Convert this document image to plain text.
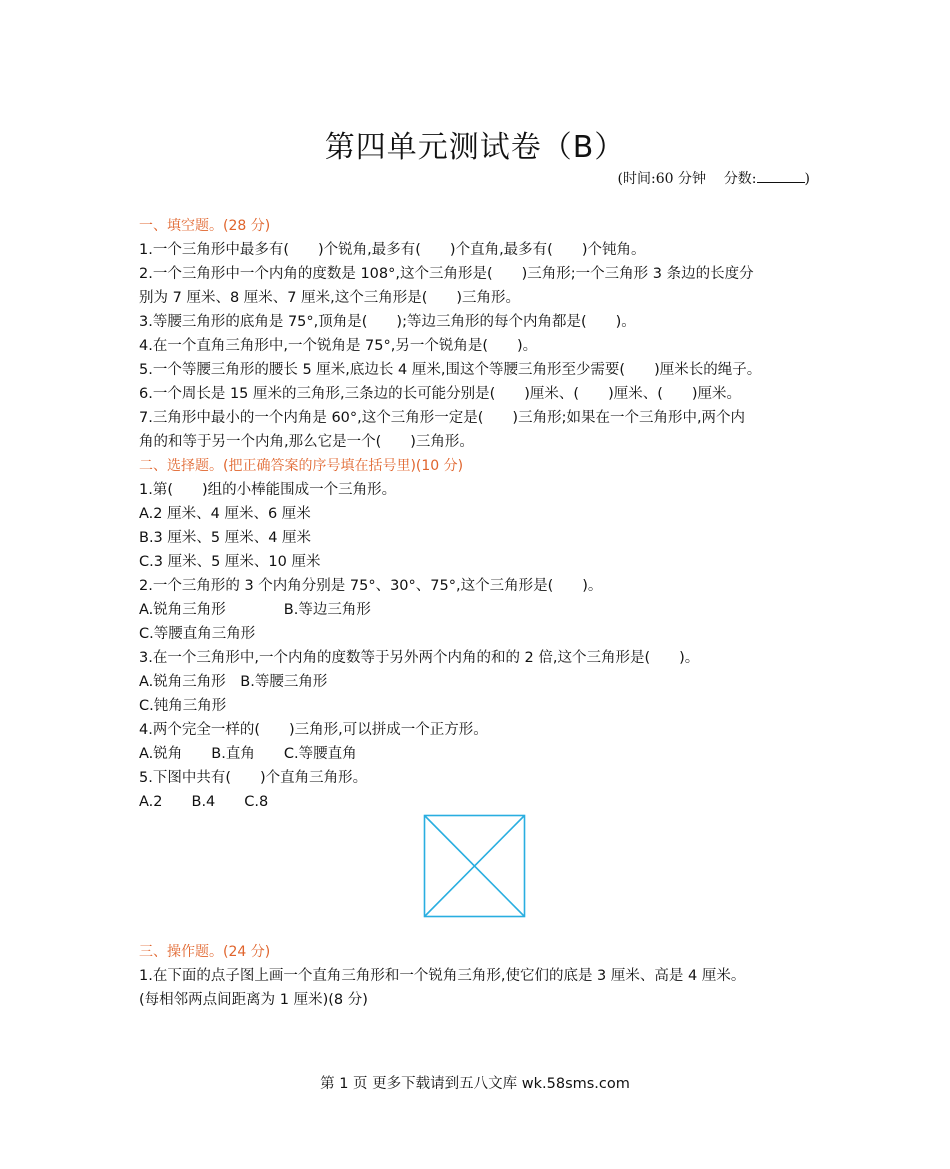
第四单元测试卷（B）
(时间:60 分钟 分数:	)

一、填空题。(28 分)

1.一个三角形中最多有(　　)个锐角,最多有(　　)个直角,最多有(　　)个钝角。

2.一个三角形中一个内角的度数是 108°,这个三角形是(　　)三角形;一个三角形 3 条边的长度分

别为 7 厘米、8 厘米、7 厘米,这个三角形是(　　)三角形。

3.等腰三角形的底角是 75°,顶角是(　　);等边三角形的每个内角都是(　　)。

4.在一个直角三角形中,一个锐角是 75°,另一个锐角是(　　)。

5.一个等腰三角形的腰长 5 厘米,底边长 4 厘米,围这个等腰三角形至少需要(　　)厘米长的绳子。

6.一个周长是 15 厘米的三角形,三条边的长可能分别是(　　)厘米、(　　)厘米、(　　)厘米。

7.三角形中最小的一个内角是 60°,这个三角形一定是(　　)三角形;如果在一个三角形中,两个内

角的和等于另一个内角,那么它是一个(　　)三角形。

二、选择题。(把正确答案的序号填在括号里)(10 分)

1.第(　　)组的小棒能围成一个三角形。

A.2 厘米、4 厘米、6 厘米

B.3 厘米、5 厘米、4 厘米

C.3 厘米、5 厘米、10 厘米

2.一个三角形的 3 个内角分别是 75°、30°、75°,这个三角形是(　　)。

A.锐角三角形　　　　B.等边三角形

C.等腰直角三角形

3.在一个三角形中,一个内角的度数等于另外两个内角的和的 2 倍,这个三角形是(　　)。

A.锐角三角形　B.等腰三角形

C.钝角三角形

4.两个完全一样的(　　)三角形,可以拼成一个正方形。

A.锐角　　B.直角　　C.等腰直角

5.下图中共有(　　)个直角三角形。

A.2　　B.4　　C.8

三、操作题。(24 分)

1.在下面的点子图上画一个直角三角形和一个锐角三角形,使它们的底是 3 厘米、高是 4 厘米。

(每相邻两点间距离为 1 厘米)(8 分)

第 1 页 更多下载请到五八文库 wk.58sms.com
